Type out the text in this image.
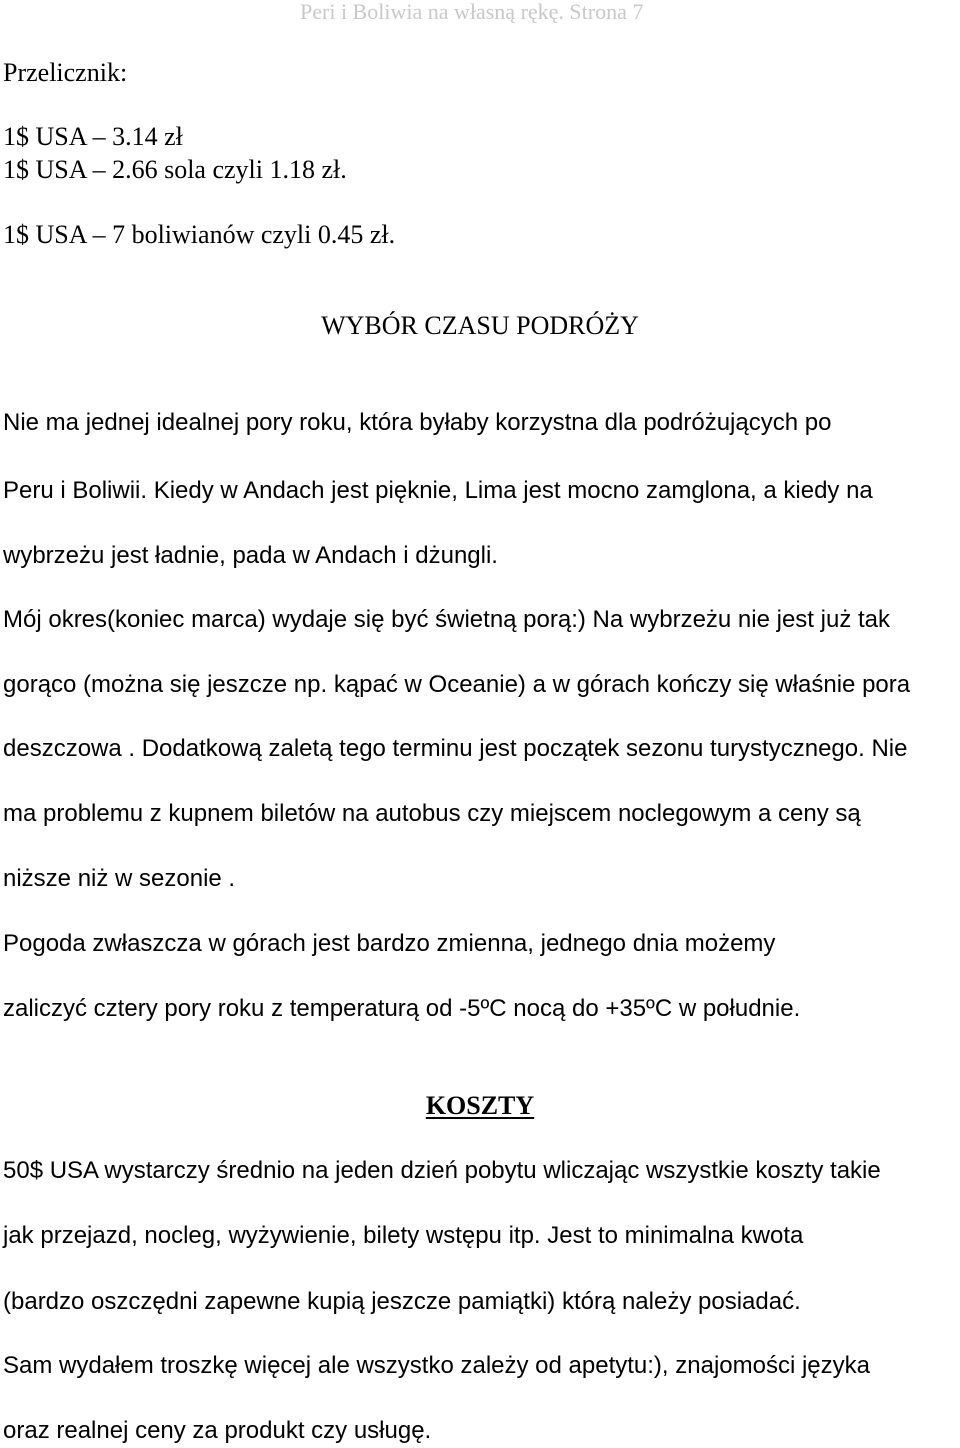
Peri i Boliwia na własną rękę. Strona 7
Przelicznik:
1$ USA – 3.14 zł
1$ USA – 2.66 sola czyli 1.18 zł.
1$ USA – 7 boliwianów czyli 0.45 zł.
WYBÓR CZASU PODRÓŻY
Nie ma jednej idealnej pory roku, która byłaby korzystna dla podróżujących po
Peru i Boliwii. Kiedy w Andach jest pięknie, Lima jest mocno zamglona, a kiedy na
wybrzeżu jest ładnie, pada w Andach i dżungli.
Mój okres(koniec marca) wydaje się być świetną porą:) Na wybrzeżu nie jest już tak
gorąco (można się jeszcze np. kąpać w Oceanie) a w górach kończy się właśnie pora
deszczowa . Dodatkową zaletą tego terminu jest początek sezonu turystycznego. Nie
ma problemu z kupnem biletów na autobus czy miejscem noclegowym a ceny są
niższe niż w sezonie .
Pogoda zwłaszcza w górach jest bardzo zmienna, jednego dnia możemy
zaliczyć cztery pory roku z temperaturą od -5ºC nocą do +35ºC w południe.
KOSZTY
50$ USA wystarczy średnio na jeden dzień pobytu wliczając wszystkie koszty takie
jak przejazd, nocleg, wyżywienie, bilety wstępu itp. Jest to minimalna kwota
(bardzo oszczędni zapewne kupią jeszcze pamiątki) którą należy posiadać.
Sam wydałem troszkę więcej ale wszystko zależy od apetytu:), znajomości języka
oraz realnej ceny za produkt czy usługę.
